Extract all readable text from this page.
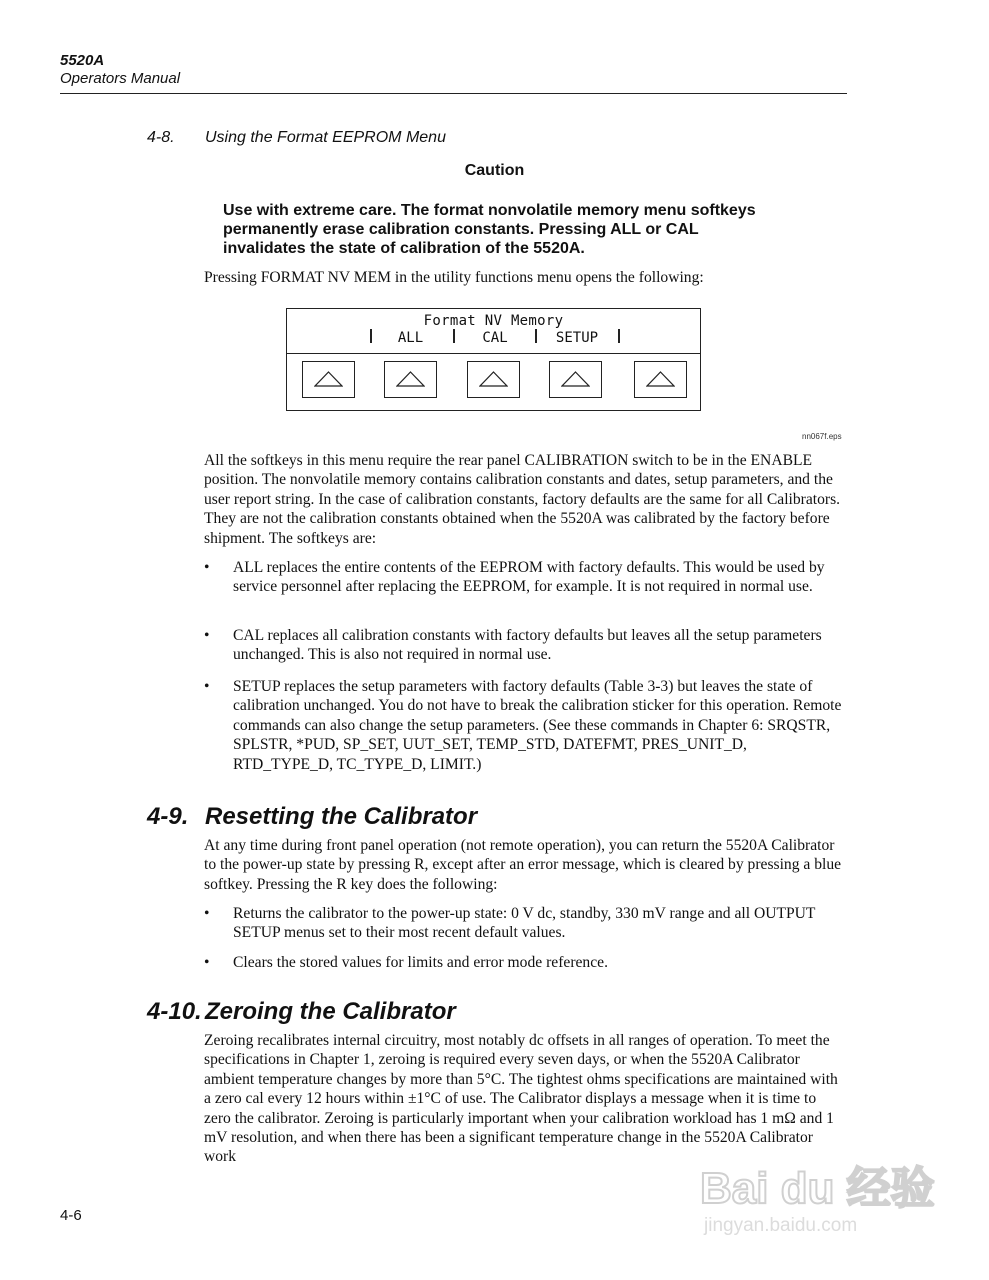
5520A
Operators Manual
4-8. Using the Format EEPROM Menu
Caution
Use with extreme care. The format nonvolatile memory menu softkeys permanently erase calibration constants. Pressing ALL or CAL invalidates the state of calibration of the 5520A.
Pressing FORMAT NV MEM in the utility functions menu opens the following:
Format NV Memory
ALL	CAL	SETUP
nn067f.eps
All the softkeys in this menu require the rear panel CALIBRATION switch to be in the ENABLE position. The nonvolatile memory contains calibration constants and dates, setup parameters, and the user report string. In the case of calibration constants, factory defaults are the same for all Calibrators. They are not the calibration constants obtained when the 5520A was calibrated by the factory before shipment. The softkeys are:
•	ALL replaces the entire contents of the EEPROM with factory defaults. This would be used by service personnel after replacing the EEPROM, for example. It is not required in normal use.
•	CAL replaces all calibration constants with factory defaults but leaves all the setup parameters unchanged. This is also not required in normal use.
•	SETUP replaces the setup parameters with factory defaults (Table 3-3) but leaves the state of calibration unchanged. You do not have to break the calibration sticker for this operation. Remote commands can also change the setup parameters. (See these commands in Chapter 6: SRQSTR, SPLSTR, *PUD, SP_SET, UUT_SET, TEMP_STD, DATEFMT, PRES_UNIT_D, RTD_TYPE_D, TC_TYPE_D, LIMIT.)
4-9. Resetting the Calibrator
At any time during front panel operation (not remote operation), you can return the 5520A Calibrator to the power-up state by pressing R, except after an error message, which is cleared by pressing a blue softkey. Pressing the R key does the following:
•	Returns the calibrator to the power-up state: 0 V dc, standby, 330 mV range and all OUTPUT SETUP menus set to their most recent default values.
•	Clears the stored values for limits and error mode reference.
4-10. Zeroing the Calibrator
Zeroing recalibrates internal circuitry, most notably dc offsets in all ranges of operation. To meet the specifications in Chapter 1, zeroing is required every seven days, or when the 5520A Calibrator ambient temperature changes by more than 5°C. The tightest ohms specifications are maintained with a zero cal every 12 hours within ±1°C of use. The Calibrator displays a message when it is time to zero the calibrator. Zeroing is particularly important when your calibration workload has 1 mΩ and 1 mV resolution, and when there has been a significant temperature change in the 5520A Calibrator work
4-6
Bai du 经验
jingyan.baidu.com
